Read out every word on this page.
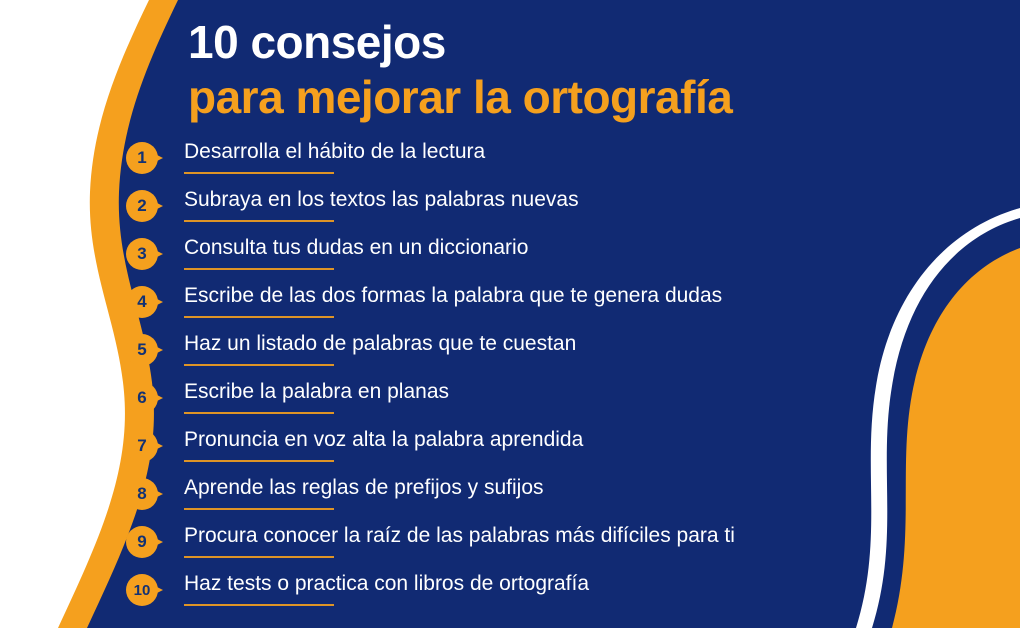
10 consejos
para mejorar la ortografía
1	Desarrolla el hábito de la lectura

2	Subraya en los textos las palabras nuevas

3	Consulta tus dudas en un diccionario

4	Escribe de las dos formas la palabra que te genera dudas

5	Haz un listado de palabras que te cuestan

6	Escribe la palabra en planas

7	Pronuncia en voz alta la palabra aprendida

8	Aprende las reglas de prefijos y sufijos

9	Procura conocer la raíz de las palabras más difíciles para ti

10	Haz tests o practica con libros de ortografía
